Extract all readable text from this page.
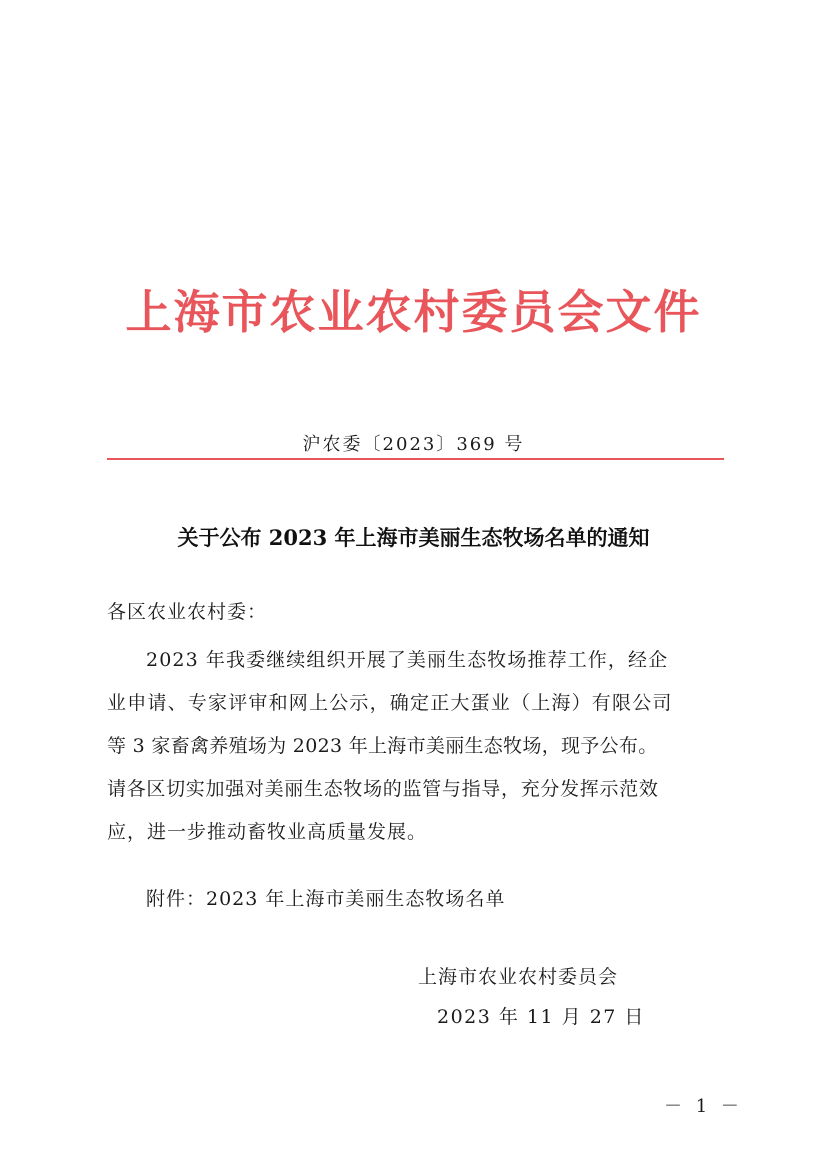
上海市农业农村委员会文件
沪农委〔2023〕369 号
关于公布 2023 年上海市美丽生态牧场名单的通知
各区农业农村委：
2023 年我委继续组织开展了美丽生态牧场推荐工作，经企
业申请、专家评审和网上公示，确定正大蛋业（上海）有限公司
等 3 家畜禽养殖场为 2023 年上海市美丽生态牧场，现予公布。
请各区切实加强对美丽生态牧场的监管与指导，充分发挥示范效
应，进一步推动畜牧业高质量发展。
附件：2023 年上海市美丽生态牧场名单
上海市农业农村委员会
2023 年 11 月 27 日
－ 1 －
